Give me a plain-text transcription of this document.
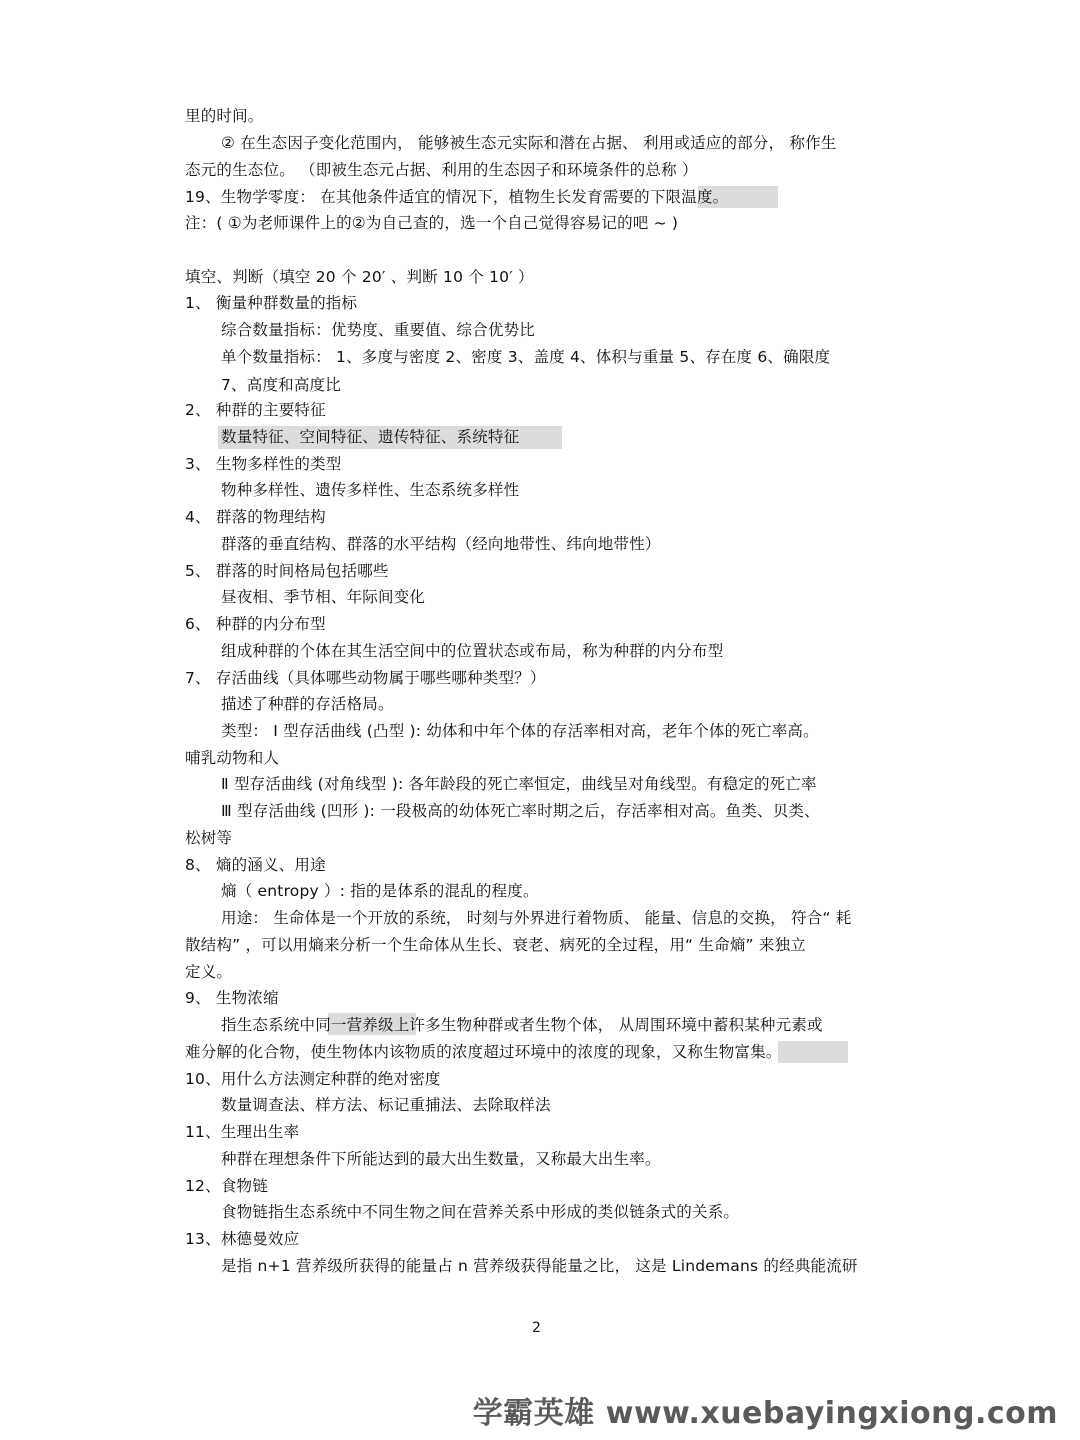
里的时间。
② 在生态因子变化范围内， 能够被生态元实际和潜在占据、 利用或适应的部分， 称作生
态元的生态位。 （即被生态元占据、利用的生态因子和环境条件的总称 ）
19、生物学零度： 在其他条件适宜的情况下，植物生长发育需要的下限温度。
注：( ①为老师课件上的②为自己查的，选一个自己觉得容易记的吧 ~ )
填空、判断（填空 20 个 20′ 、判断 10 个 10′ ）
1、 衡量种群数量的指标
综合数量指标：优势度、重要值、综合优势比
单个数量指标： 1、多度与密度 2、密度 3、盖度 4、体积与重量 5、存在度 6、确限度
7、高度和高度比
2、 种群的主要特征
数量特征、空间特征、遗传特征、系统特征
3、 生物多样性的类型
物种多样性、遗传多样性、生态系统多样性
4、 群落的物理结构
群落的垂直结构、群落的水平结构（经向地带性、纬向地带性）
5、 群落的时间格局包括哪些
昼夜相、季节相、年际间变化
6、 种群的内分布型
组成种群的个体在其生活空间中的位置状态或布局，称为种群的内分布型
7、 存活曲线（具体哪些动物属于哪些哪种类型？）
描述了种群的存活格局。
类型： Ⅰ 型存活曲线 (凸型 ): 幼体和中年个体的存活率相对高，老年个体的死亡率高。
哺乳动物和人
Ⅱ 型存活曲线 (对角线型 ): 各年龄段的死亡率恒定，曲线呈对角线型。有稳定的死亡率
Ⅲ 型存活曲线 (凹形 ): 一段极高的幼体死亡率时期之后，存活率相对高。鱼类、贝类、
松树等
8、 熵的涵义、用途
熵（ entropy ）: 指的是体系的混乱的程度。
用途： 生命体是一个开放的系统， 时刻与外界进行着物质、 能量、信息的交换， 符合“ 耗
散结构” ，可以用熵来分析一个生命体从生长、衰老、病死的全过程，用“ 生命熵” 来独立
定义。
9、 生物浓缩
指生态系统中同一营养级上许多生物种群或者生物个体， 从周围环境中蓄积某种元素或
难分解的化合物，使生物体内该物质的浓度超过环境中的浓度的现象，又称生物富集。
10、用什么方法测定种群的绝对密度
数量调查法、样方法、标记重捕法、去除取样法
11、生理出生率
种群在理想条件下所能达到的最大出生数量，又称最大出生率。
12、食物链
食物链指生态系统中不同生物之间在营养关系中形成的类似链条式的关系。
13、林德曼效应
是指 n+1 营养级所获得的能量占 n 营养级获得能量之比， 这是 Lindemans 的经典能流研
2
学霸英雄 www.xuebayingxiong.com
